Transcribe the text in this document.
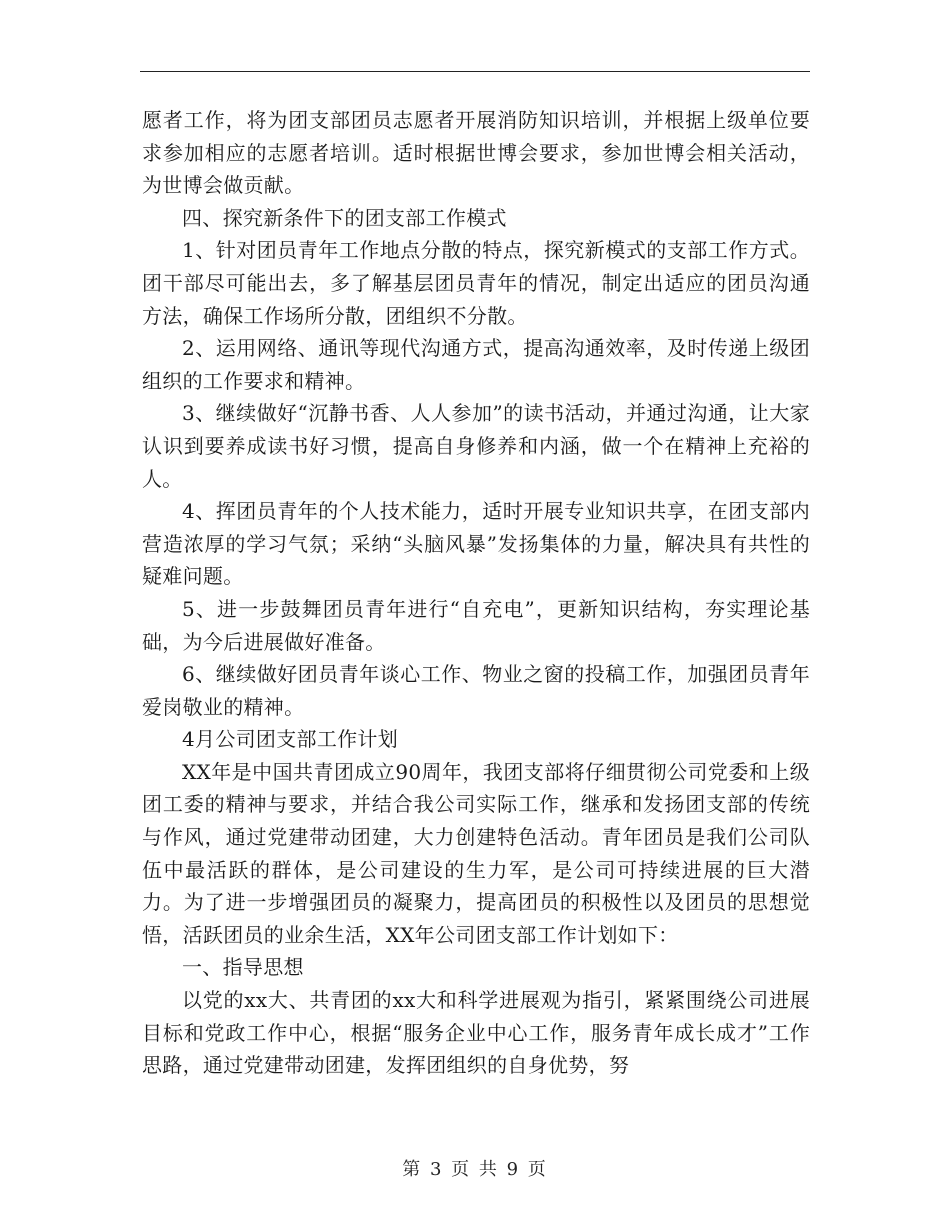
愿者工作，将为团支部团员志愿者开展消防知识培训，并根据上级单位要求参加相应的志愿者培训。适时根据世博会要求，参加世博会相关活动，为世博会做贡献。

四、探究新条件下的团支部工作模式

1、针对团员青年工作地点分散的特点，探究新模式的支部工作方式。团干部尽可能出去，多了解基层团员青年的情况，制定出适应的团员沟通方法，确保工作场所分散，团组织不分散。

2、运用网络、通讯等现代沟通方式，提高沟通效率，及时传递上级团组织的工作要求和精神。

3、继续做好“沉静书香、人人参加”的读书活动，并通过沟通，让大家认识到要养成读书好习惯，提高自身修养和内涵，做一个在精神上充裕的人。

4、挥团员青年的个人技术能力，适时开展专业知识共享，在团支部内营造浓厚的学习气氛；采纳“头脑风暴”发扬集体的力量，解决具有共性的疑难问题。

5、进一步鼓舞团员青年进行“自充电”，更新知识结构，夯实理论基础，为今后进展做好准备。

6、继续做好团员青年谈心工作、物业之窗的投稿工作，加强团员青年爱岗敬业的精神。

4月公司团支部工作计划

XX年是中国共青团成立90周年，我团支部将仔细贯彻公司党委和上级团工委的精神与要求，并结合我公司实际工作，继承和发扬团支部的传统与作风，通过党建带动团建，大力创建特色活动。青年团员是我们公司队伍中最活跃的群体，是公司建设的生力军，是公司可持续进展的巨大潜力。为了进一步增强团员的凝聚力，提高团员的积极性以及团员的思想觉悟，活跃团员的业余生活，XX年公司团支部工作计划如下：

一、指导思想

以党的xx大、共青团的xx大和科学进展观为指引，紧紧围绕公司进展目标和党政工作中心，根据“服务企业中心工作，服务青年成长成才”工作思路，通过党建带动团建，发挥团组织的自身优势，努

第 3 页 共 9 页
